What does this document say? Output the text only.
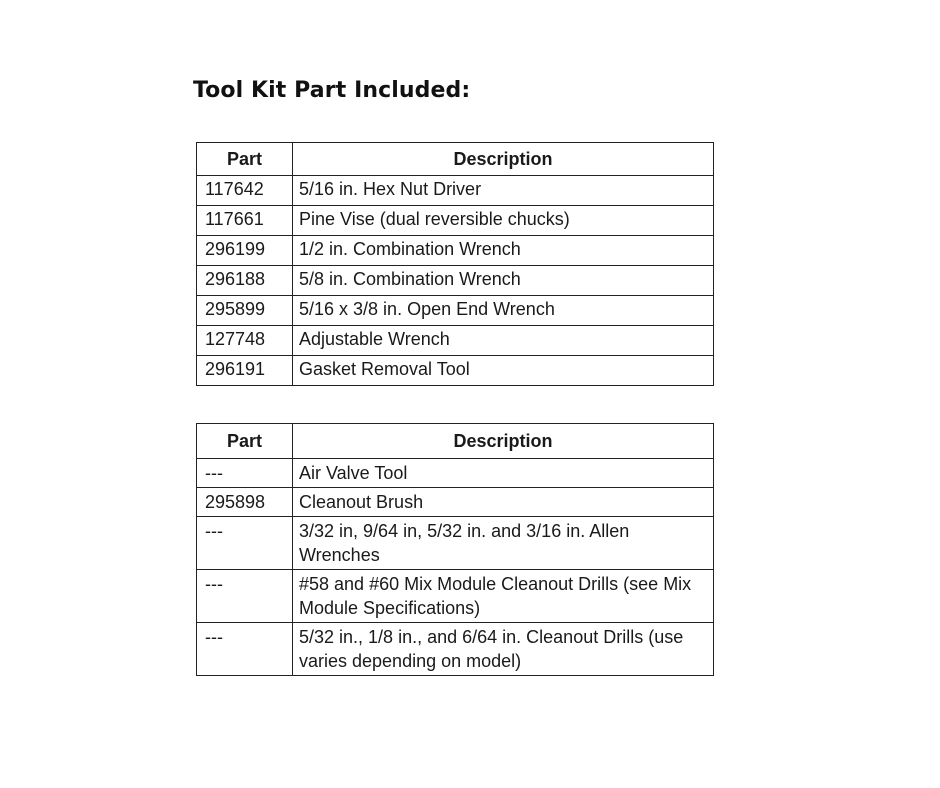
Tool Kit Part Included:
Part	Description
117642	5/16 in. Hex Nut Driver
117661	Pine Vise (dual reversible chucks)
296199	1/2 in. Combination Wrench
296188	5/8 in. Combination Wrench
295899	5/16 x 3/8 in. Open End Wrench
127748	Adjustable Wrench
296191	Gasket Removal Tool
Part	Description
---	Air Valve Tool
295898	Cleanout Brush
---	3/32 in, 9/64 in, 5/32 in. and 3/16 in. Allen Wrenches
---	#58 and #60 Mix Module Cleanout Drills (see Mix Module Specifications)
---	5/32 in., 1/8 in., and 6/64 in. Cleanout Drills (use varies depending on model)
